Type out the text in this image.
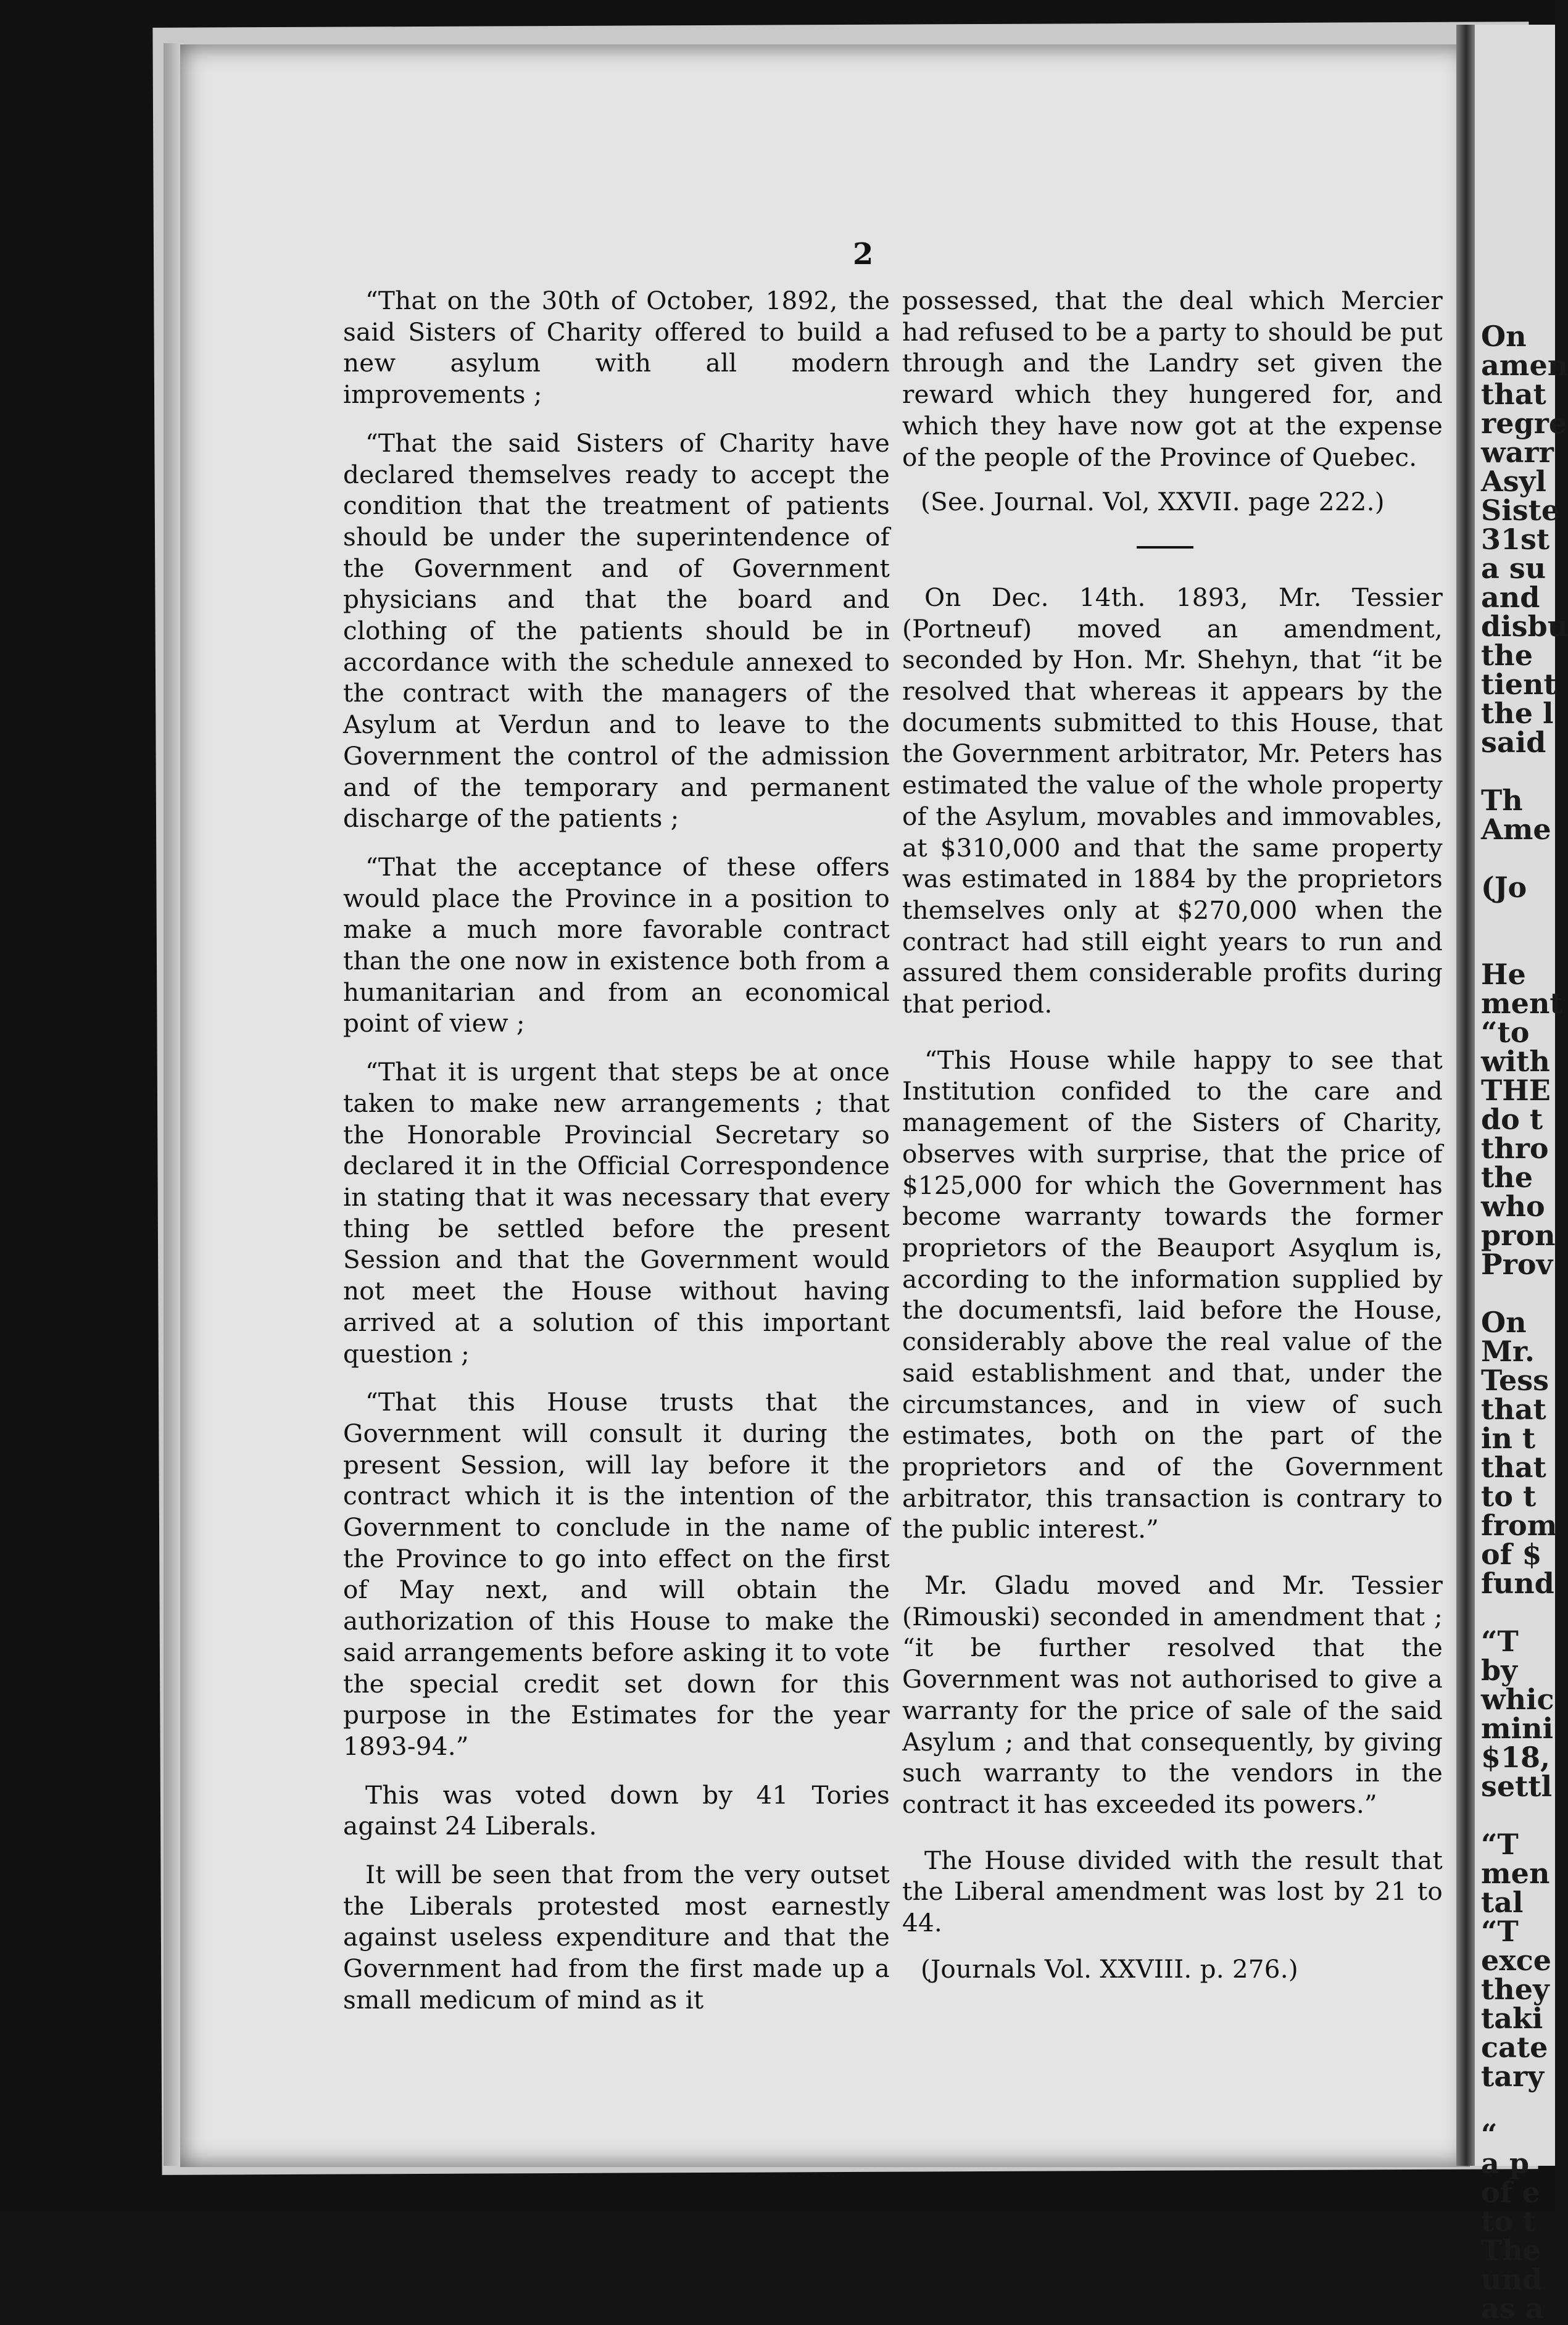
On
amen
that
regre
warr
Asyl
Siste
31st
a su
and
disbu
the
tient
the l
said
Th
Ame
(Jo
He
ment
“to
with
THE
do t
thro
the
who
pron
Prov
On
Mr.
Tess
that
in t
that
to t
from
of $
fund
“T
by
whic
mini
$18,
settl
“T
men
tal
“T
exce
they
taki
cate
tary
“
a p
of e
to t
The
und
as a
2

“That on the 30th of October, 1892, the said Sisters of Charity offered to build a new asylum with all modern improvements ;

“That the said Sisters of Charity have declared themselves ready to accept the condition that the treatment of patients should be under the superintendence of the Government and of Government physicians and that the board and clothing of the patients should be in accordance with the schedule annexed to the contract with the managers of the Asylum at Verdun and to leave to the Government the control of the admission and of the temporary and permanent discharge of the patients ;

“That the acceptance of these offers would place the Province in a position to make a much more favorable contract than the one now in existence both from a humanitarian and from an economical point of view ;

“That it is urgent that steps be at once taken to make new arrangements ; that the Honorable Provincial Secretary so declared it in the Official Correspondence in stating that it was necessary that every thing be settled before the present Session and that the Government would not meet the House without having arrived at a solution of this important question ;

“That this House trusts that the Government will consult it during the present Session, will lay before it the contract which it is the intention of the Government to conclude in the name of the Province to go into effect on the first of May next, and will obtain the authorization of this House to make the said arrangements before asking it to vote the special credit set down for this purpose in the Estimates for the year 1893-94.”

This was voted down by 41 Tories against 24 Liberals.

It will be seen that from the very outset the Liberals protested most earnestly against useless expenditure and that the Government had from the first made up a small medicum of mind as it

possessed, that the deal which Mercier had refused to be a party to should be put through and the Landry set given the reward which they hungered for, and which they have now got at the expense of the people of the Province of Quebec.

(See. Journal. Vol, XXVII. page 222.)

On Dec. 14th. 1893, Mr. Tessier (Portneuf) moved an amendment, seconded by Hon. Mr. Shehyn, that “it be resolved that whereas it appears by the documents submitted to this House, that the Government arbitrator, Mr. Peters has estimated the value of the whole property of the Asylum, movables and immovables, at $310,000 and that the same property was estimated in 1884 by the proprietors themselves only at $270,000 when the contract had still eight years to run and assured them considerable profits during that period.

“This House while happy to see that Institution confided to the care and management of the Sisters of Charity, observes with surprise, that the price of $125,000 for which the Government has become warranty towards the former proprietors of the Beauport Asyqlum is, according to the information supplied by the documentsfi, laid before the House, considerably above the real value of the said establishment and that, under the circumstances, and in view of such estimates, both on the part of the proprietors and of the Government arbitrator, this transaction is contrary to the public interest.”

Mr. Gladu moved and Mr. Tessier (Rimouski) seconded in amendment that ; “it be further resolved that the Government was not authorised to give a warranty for the price of sale of the said Asylum ; and that consequently, by giving such warranty to the vendors in the contract it has exceeded its powers.”

The House divided with the result that the Liberal amendment was lost by 21 to 44.

(Journals Vol. XXVIII. p. 276.)
